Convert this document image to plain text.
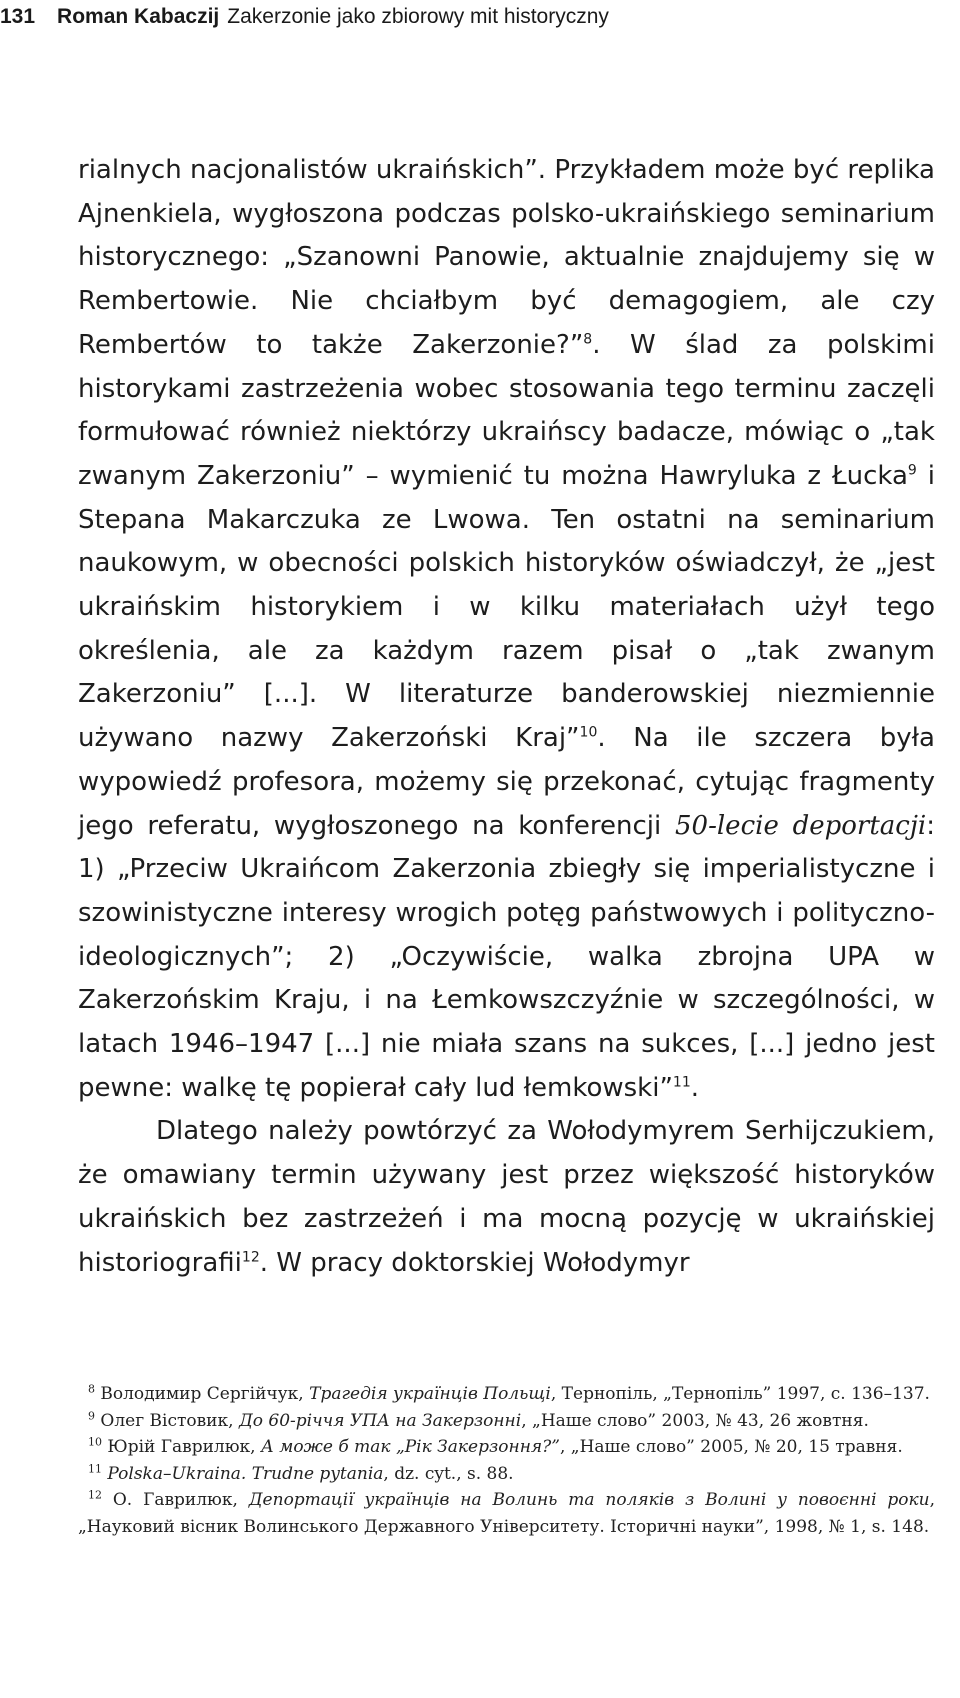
131 Roman Kabaczij Zakerzonie jako zbiorowy mit historyczny

rialnych nacjonalistów ukraińskich”. Przykładem może być replika Ajnenkiela, wygłoszona podczas polsko-ukraińskiego seminarium historycznego: „Szanowni Panowie, aktualnie znajdujemy się w Rembertowie. Nie chciałbym być demagogiem, ale czy Rembertów to także Zakerzonie?”$^8$. W ślad za polskimi historykami zastrzeżenia wobec stosowania tego terminu zaczęli formułować również niektórzy ukraińscy badacze, mówiąc o „tak zwanym Zakerzoniu” – wymienić tu można Hawryluka z Łucka$^9$ i Stepana Makarczuka ze Lwowa. Ten ostatni na seminarium naukowym, w obecności polskich historyków oświadczył, że „jest ukraińskim historykiem i w kilku materiałach użył tego określenia, ale za każdym razem pisał o „tak zwanym Zakerzoniu” [...]. W literaturze banderowskiej niezmiennie używano nazwy Zakerzoński Kraj”$^{10}$. Na ile szczera była wypowiedź profesora, możemy się przekonać, cytując fragmenty jego referatu, wygłoszonego na konferencji 50-lecie deportacji: 1) „Przeciw Ukraińcom Zakerzonia zbiegły się imperialistyczne i szowinistyczne interesy wrogich potęg państwowych i polityczno-ideologicznych”; 2) „Oczywiście, walka zbrojna UPA w Zakerzońskim Kraju, i na Łemkowszczyźnie w szczególności, w latach 1946–1947 [...] nie miała szans na sukces, [...] jedno jest pewne: walkę tę popierał cały lud łemkowski”$^{11}$.

Dlatego należy powtórzyć za Wołodymyrem Serhijczukiem, że omawiany termin używany jest przez większość historyków ukraińskich bez zastrzeżeń i ma mocną pozycję w ukraińskiej historiografii$^{12}$. W pracy doktorskiej Wołodymyr

$^8$ Володимир Сергійчук, Трагедія українців Польщі, Тернопіль, „Тернопіль” 1997, с. 136–137.

$^9$ Олег Вістовик, До 60-річчя УПА на Закерзонні, „Наше слово” 2003, № 43, 26 жовтня.

$^{10}$ Юрій Гаврилюк, А може б так „Рік Закерзоння?”, „Наше слово” 2005, № 20, 15 травня.

$^{11}$ Polska–Ukraina. Trudne pytania, dz. cyt., s. 88.

$^{12}$ О. Гаврилюк, Депортації українців на Волинь та поляків з Волині у повоєнні роки, „Науковий вісник Волинського Державного Університету. Історичні науки”, 1998, № 1, s. 148.
